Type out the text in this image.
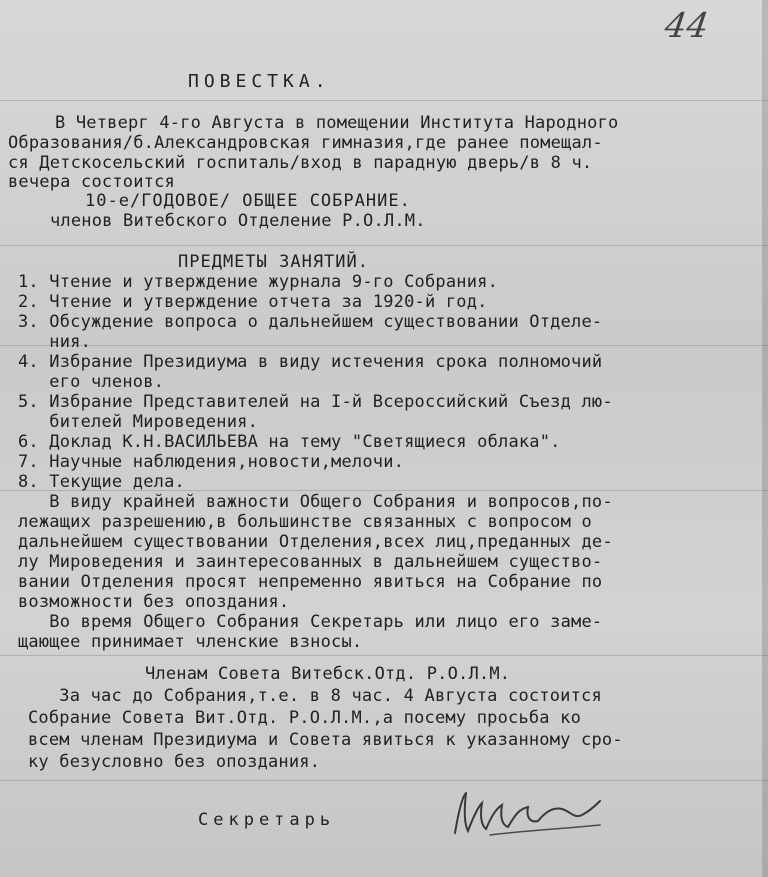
44
ПОВЕСТКА.
В Четверг 4-го Августа в помещении Института Народного
Образования/б.Александровская гимназия,где ранее помещал-
ся Детскосельский госпиталь/вход в парадную дверь/в 8 ч.
вечера состоится
10-е/ГОДОВОЕ/ ОБЩЕЕ СОБРАНИЕ.
членов Витебского Отделение Р.О.Л.М.
ПРЕДМЕТЫ ЗАНЯТИЙ.
1. Чтение и утверждение журнала 9-го Собрания.
2. Чтение и утверждение отчета за 1920-й год.
3. Обсуждение вопроса о дальнейшем существовании Отделе-
ния.
4. Избрание Президиума в виду истечения срока полномочий
его членов.
5. Избрание Представителей на I-й Всероссийский Съезд лю-
бителей Мироведения.
6. Доклад К.Н.ВАСИЛЬЕВА на тему "Светящиеся облака".
7. Научные наблюдения,новости,мелочи.
8. Текущие дела.
В виду крайней важности Общего Собрания и вопросов,по-
лежащих разрешению,в большинстве связанных с вопросом о
дальнейшем существовании Отделения,всех лиц,преданных де-
лу Мироведения и заинтересованных в дальнейшем существо-
вании Отделения просят непременно явиться на Собрание по
возможности без опоздания.
Во время Общего Собрания Секретарь или лицо его заме-
щающее принимает членские взносы.
Членам Совета Витебск.Отд. Р.О.Л.М.
За час до Собрания,т.е. в 8 час. 4 Августа состоится
Собрание Совета Вит.Отд. Р.О.Л.М.,а посему просьба ко
всем членам Президиума и Совета явиться к указанному сро-
ку безусловно без опоздания.
Секретарь
